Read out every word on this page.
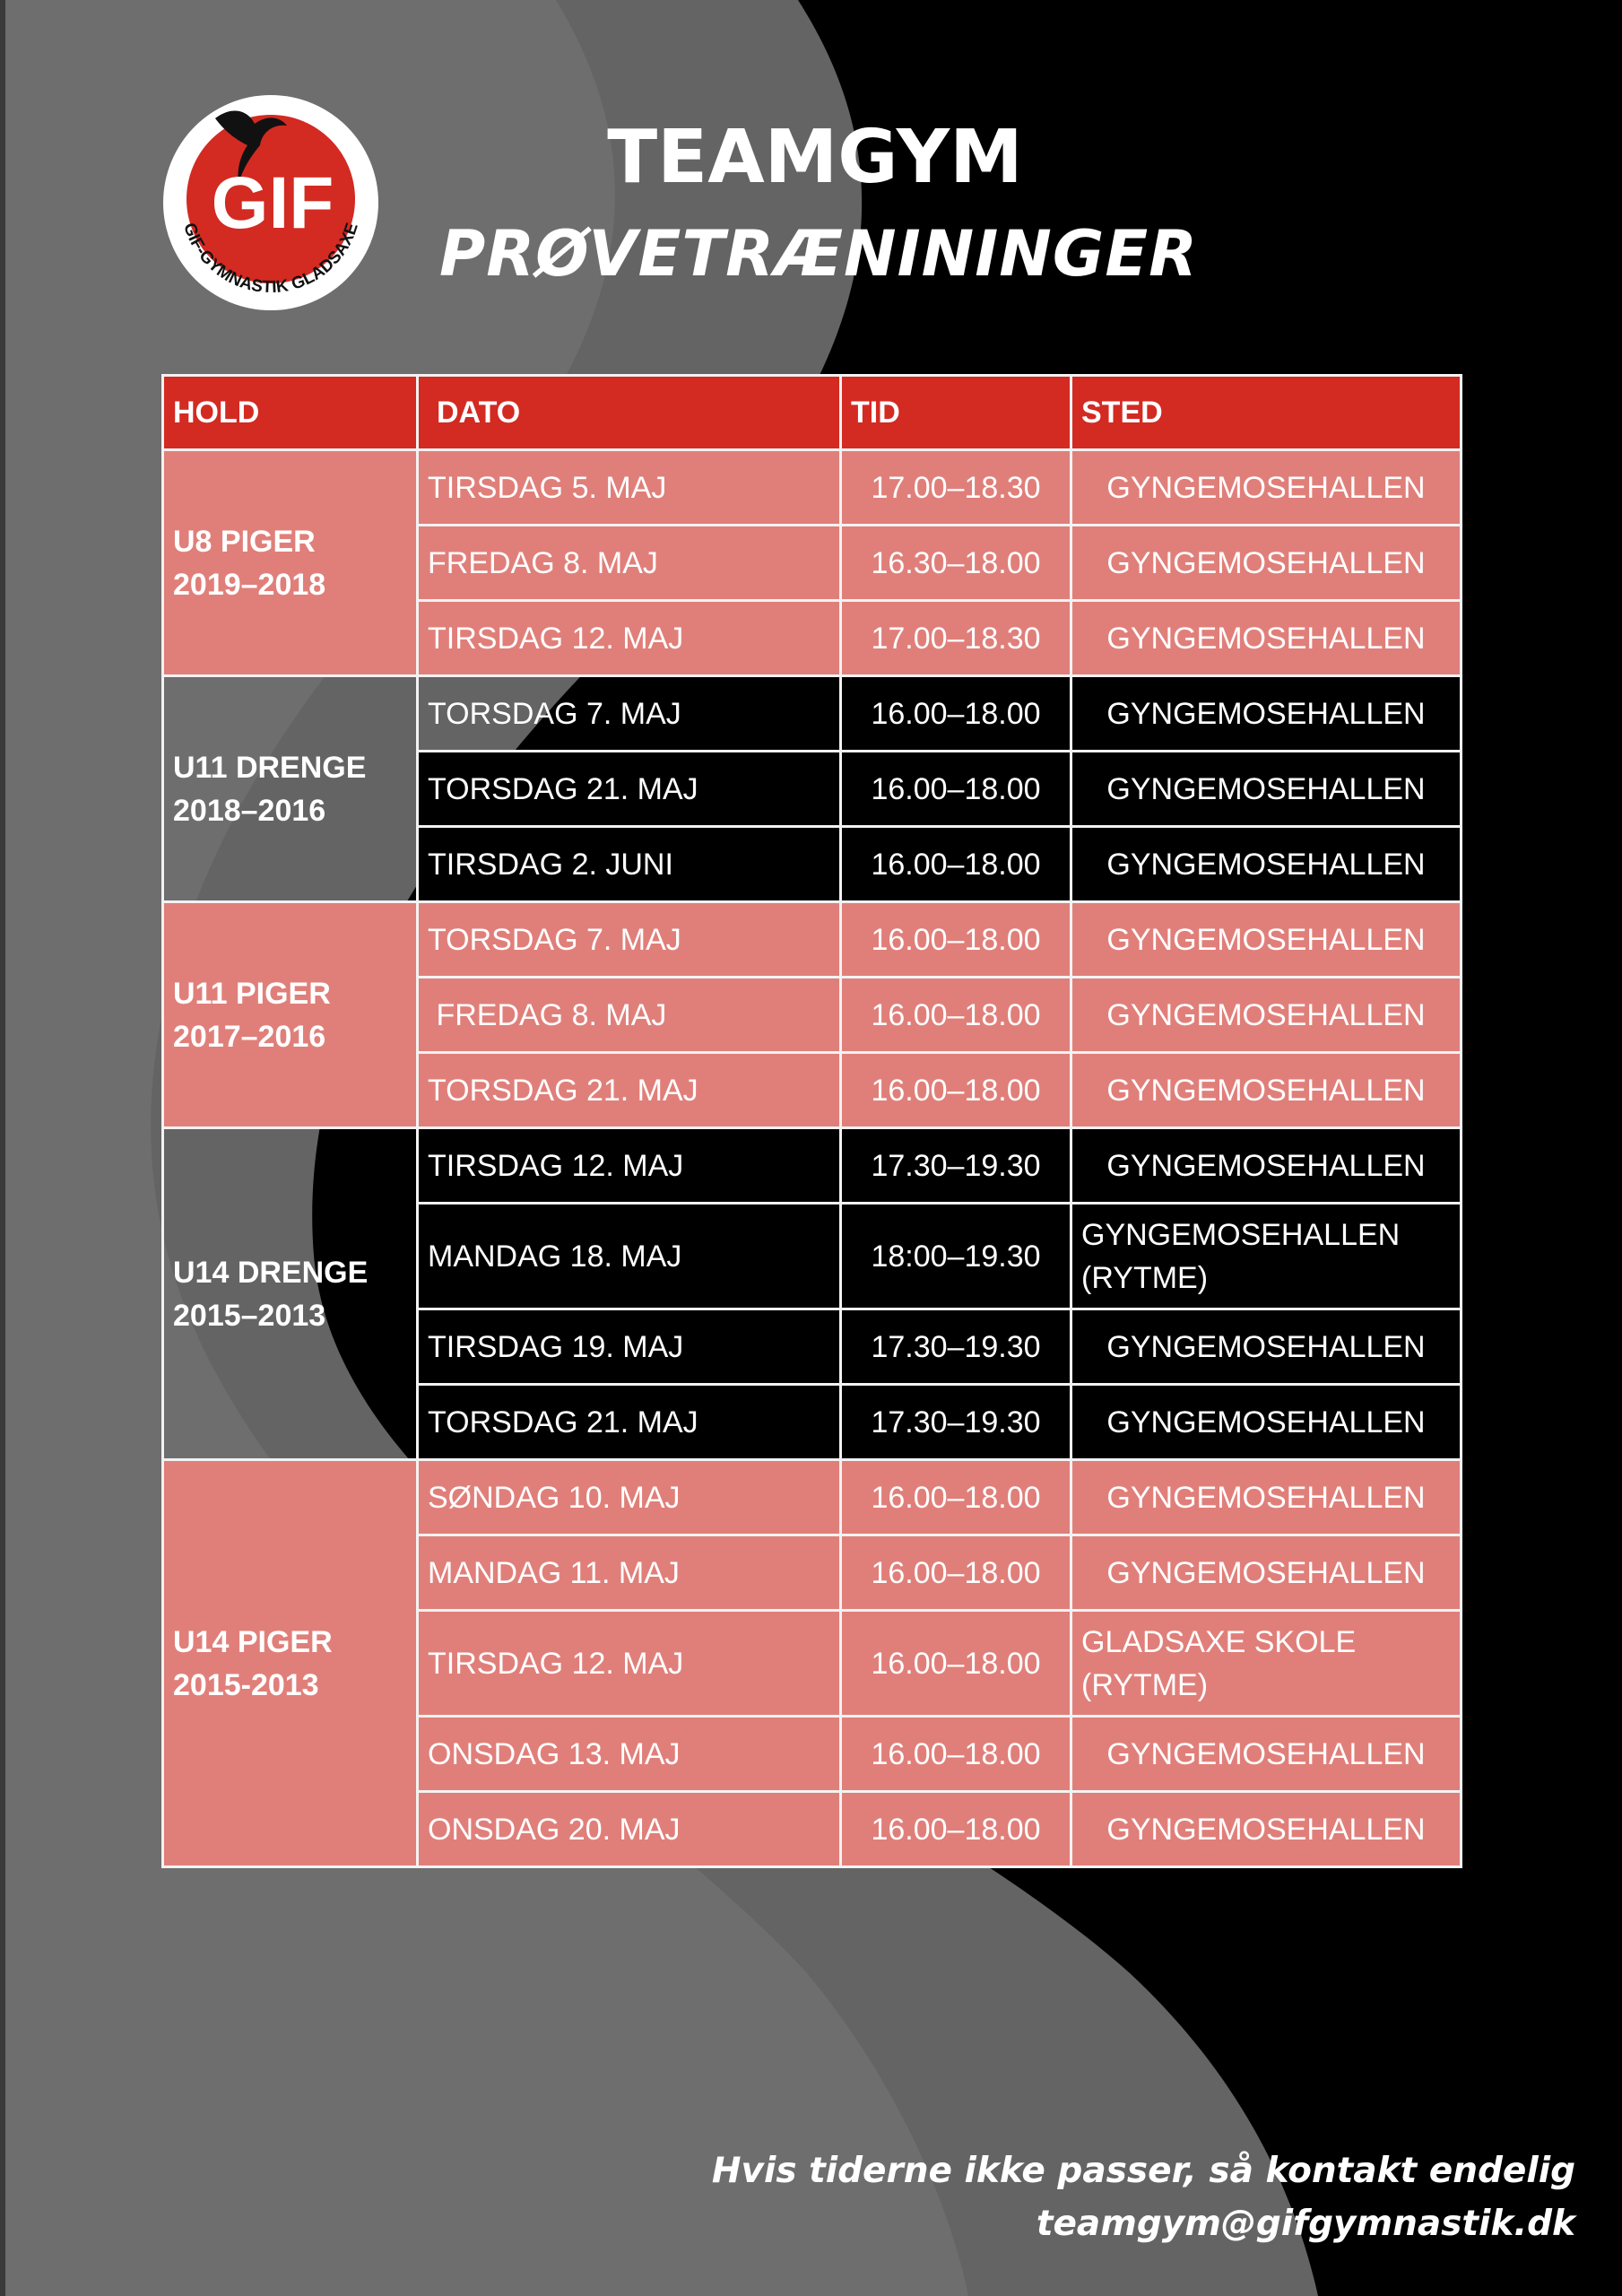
GIF
GIF-GYMNASTIK GLADSAXE
TEAMGYM
PRØVETRÆNININGER
HOLD	DATO	TID	STED
U8 PIGER
2019–2018	TIRSDAG 5. MAJ	17.00–18.30	GYNGEMOSEHALLEN
	FREDAG 8. MAJ	16.30–18.00	GYNGEMOSEHALLEN
	TIRSDAG 12. MAJ	17.00–18.30	GYNGEMOSEHALLEN
U11 DRENGE
2018–2016	TORSDAG 7. MAJ	16.00–18.00	GYNGEMOSEHALLEN
	TORSDAG 21. MAJ	16.00–18.00	GYNGEMOSEHALLEN
	TIRSDAG 2. JUNI	16.00–18.00	GYNGEMOSEHALLEN
U11 PIGER
2017–2016	TORSDAG 7. MAJ	16.00–18.00	GYNGEMOSEHALLEN
	FREDAG 8. MAJ	16.00–18.00	GYNGEMOSEHALLEN
	TORSDAG 21. MAJ	16.00–18.00	GYNGEMOSEHALLEN
U14 DRENGE
2015–2013	TIRSDAG 12. MAJ	17.30–19.30	GYNGEMOSEHALLEN
	MANDAG 18. MAJ	18:00–19.30	GYNGEMOSEHALLEN (RYTME)
	TIRSDAG 19. MAJ	17.30–19.30	GYNGEMOSEHALLEN
	TORSDAG 21. MAJ	17.30–19.30	GYNGEMOSEHALLEN
U14 PIGER
2015-2013	SØNDAG 10. MAJ	16.00–18.00	GYNGEMOSEHALLEN
	MANDAG 11. MAJ	16.00–18.00	GYNGEMOSEHALLEN
	TIRSDAG 12. MAJ	16.00–18.00	GLADSAXE SKOLE (RYTME)
	ONSDAG 13. MAJ	16.00–18.00	GYNGEMOSEHALLEN
	ONSDAG 20. MAJ	16.00–18.00	GYNGEMOSEHALLEN
Hvis tiderne ikke passer, så kontakt endelig
teamgym@gifgymnastik.dk
